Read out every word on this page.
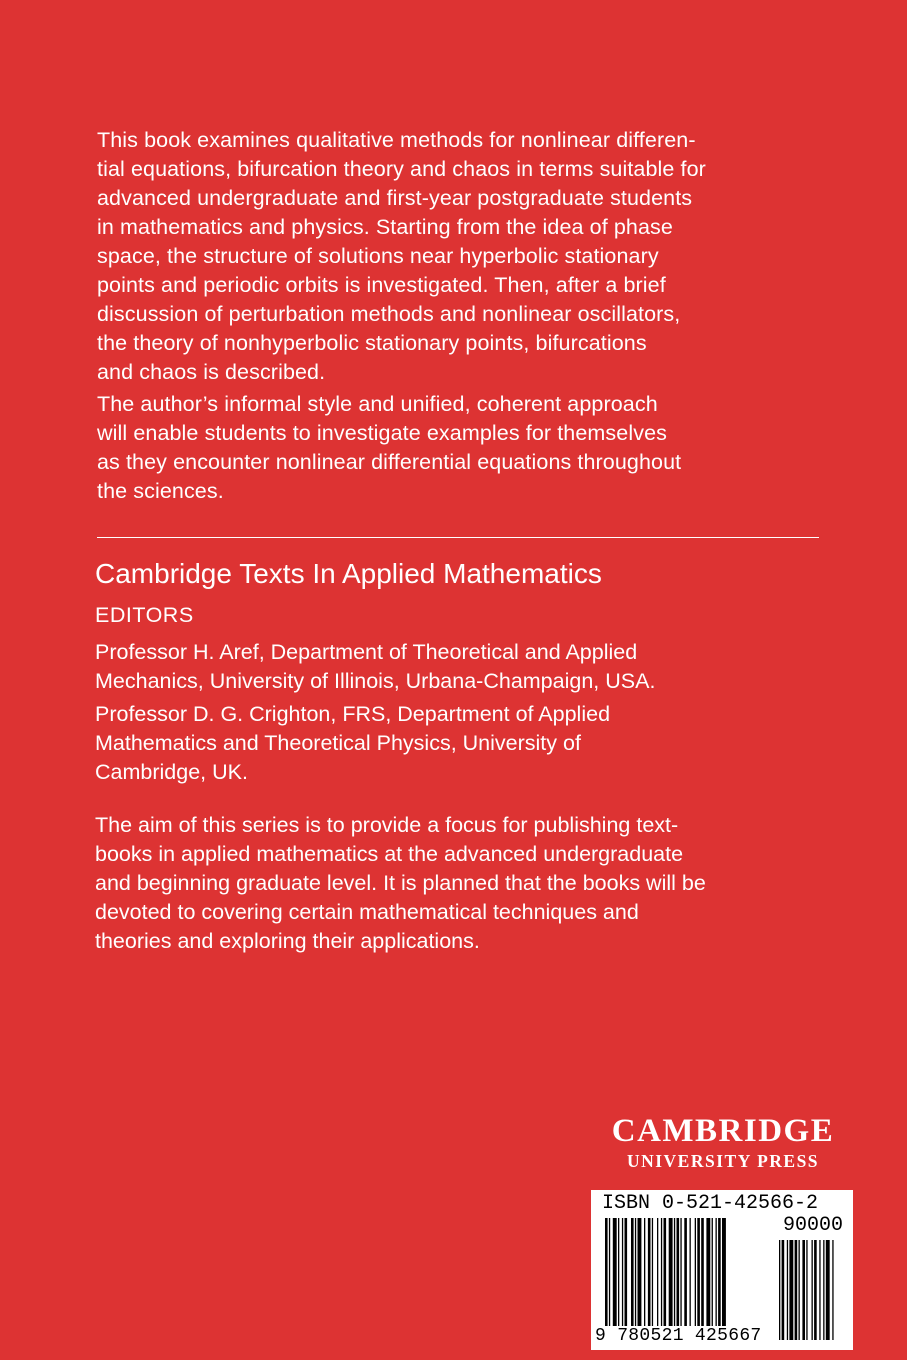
This book examines qualitative methods for nonlinear differen-
tial equations, bifurcation theory and chaos in terms suitable for
advanced undergraduate and first-year postgraduate students
in mathematics and physics. Starting from the idea of phase
space, the structure of solutions near hyperbolic stationary
points and periodic orbits is investigated. Then, after a brief
discussion of perturbation methods and nonlinear oscillators,
the theory of nonhyperbolic stationary points, bifurcations
and chaos is described.

The author’s informal style and unified, coherent approach
will enable students to investigate examples for themselves
as they encounter nonlinear differential equations throughout
the sciences.

Cambridge Texts In Applied Mathematics
EDITORS

Professor H. Aref, Department of Theoretical and Applied
Mechanics, University of Illinois, Urbana-Champaign, USA.

Professor D. G. Crighton, FRS, Department of Applied
Mathematics and Theoretical Physics, University of
Cambridge, UK.

The aim of this series is to provide a focus for publishing text-
books in applied mathematics at the advanced undergraduate
and beginning graduate level. It is planned that the books will be
devoted to covering certain mathematical techniques and
theories and exploring their applications.

CAMBRIDGE
UNIVERSITY PRESS
ISBN 0-521-42566-2
90000
9 780521 425667
